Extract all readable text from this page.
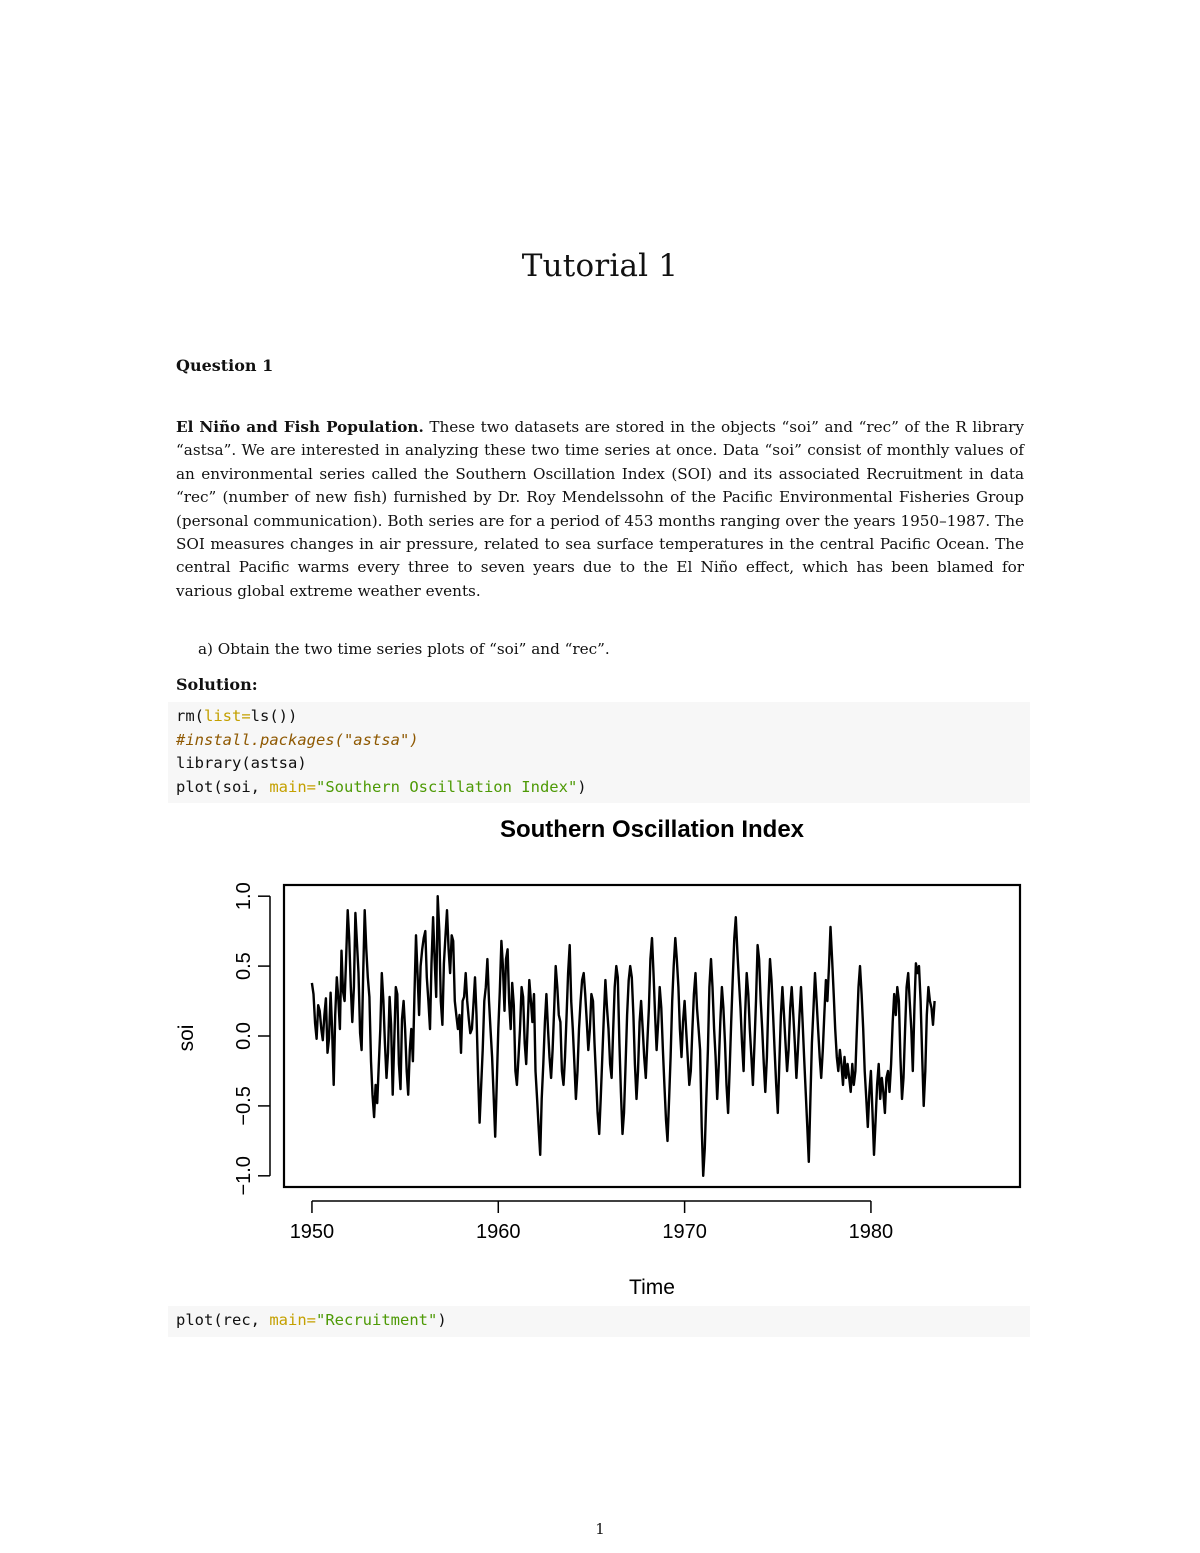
Tutorial 1
Question 1
El Niño and Fish Population. These two datasets are stored in the objects “soi” and “rec” of the R library “astsa”. We are interested in analyzing these two time series at once. Data “soi” consist of monthly values of an environmental series called the Southern Oscillation Index (SOI) and its associated Recruitment in data “rec” (number of new fish) furnished by Dr. Roy Mendelssohn of the Pacific Environmental Fisheries Group (personal communication). Both series are for a period of 453 months ranging over the years 1950–1987. The SOI measures changes in air pressure, related to sea surface temperatures in the central Pacific Ocean. The central Pacific warms every three to seven years due to the El Niño effect, which has been blamed for various global extreme weather events.
a) Obtain the two time series plots of “soi” and “rec”.
Solution:
rm(list=ls())
#install.packages("astsa")
library(astsa)
plot(soi, main="Southern Oscillation Index")
Southern Oscillation Index
−1.0
−0.5
0.0
0.5
1.0
1950	1960	1970	1980
soi
Time
plot(rec, main="Recruitment")
1
